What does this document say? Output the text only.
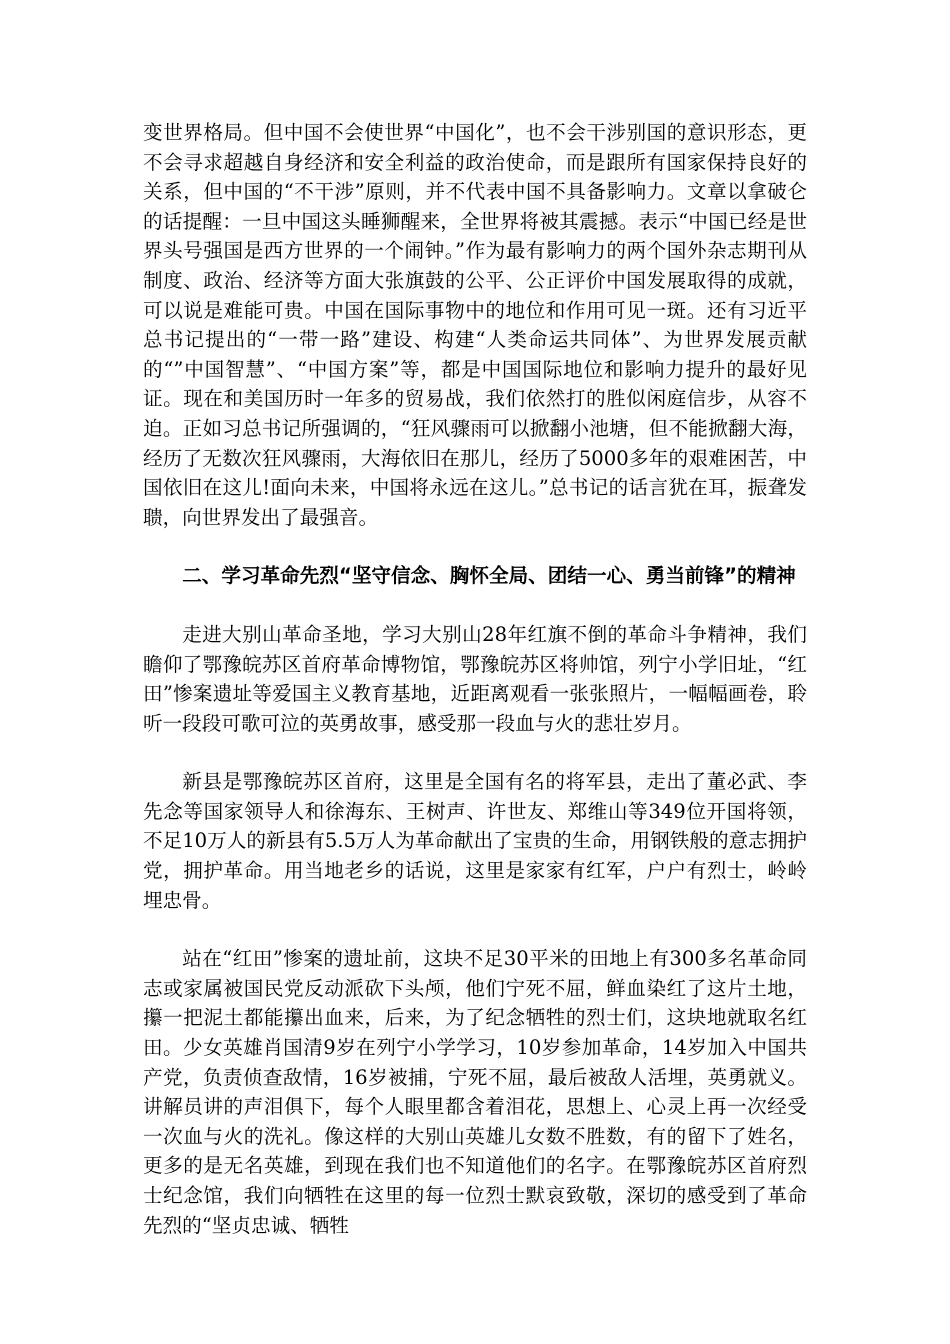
变世界格局。但中国不会使世界“中国化”，也不会干涉别国的意识形态，更不会寻求超越自身经济和安全利益的政治使命，而是跟所有国家保持良好的关系，但中国的“不干涉”原则，并不代表中国不具备影响力。文章以拿破仑的话提醒：一旦中国这头睡狮醒来，全世界将被其震撼。表示“中国已经是世界头号强国是西方世界的一个闹钟。”作为最有影响力的两个国外杂志期刊从制度、政治、经济等方面大张旗鼓的公平、公正评价中国发展取得的成就，可以说是难能可贵。中国在国际事物中的地位和作用可见一斑。还有习近平总书记提出的“一带一路”建设、构建“人类命运共同体”、为世界发展贡献的“”中国智慧”、“中国方案”等，都是中国国际地位和影响力提升的最好见证。现在和美国历时一年多的贸易战，我们依然打的胜似闲庭信步，从容不迫。正如习总书记所强调的，“狂风骤雨可以掀翻小池塘，但不能掀翻大海，经历了无数次狂风骤雨，大海依旧在那儿，经历了5000多年的艰难困苦，中国依旧在这儿!面向未来，中国将永远在这儿。”总书记的话言犹在耳，振聋发聩，向世界发出了最强音。

二、学习革命先烈“坚守信念、胸怀全局、团结一心、勇当前锋”的精神

走进大别山革命圣地，学习大别山28年红旗不倒的革命斗争精神，我们瞻仰了鄂豫皖苏区首府革命博物馆，鄂豫皖苏区将帅馆，列宁小学旧址，“红田”惨案遗址等爱国主义教育基地，近距离观看一张张照片，一幅幅画卷，聆听一段段可歌可泣的英勇故事，感受那一段血与火的悲壮岁月。

新县是鄂豫皖苏区首府，这里是全国有名的将军县，走出了董必武、李先念等国家领导人和徐海东、王树声、许世友、郑维山等349位开国将领，不足10万人的新县有5.5万人为革命献出了宝贵的生命，用钢铁般的意志拥护党，拥护革命。用当地老乡的话说，这里是家家有红军，户户有烈士，岭岭埋忠骨。

站在“红田”惨案的遗址前，这块不足30平米的田地上有300多名革命同志或家属被国民党反动派砍下头颅，他们宁死不屈，鲜血染红了这片土地，攥一把泥土都能攥出血来，后来，为了纪念牺牲的烈士们，这块地就取名红田。少女英雄肖国清9岁在列宁小学学习，10岁参加革命，14岁加入中国共产党，负责侦查敌情，16岁被捕，宁死不屈，最后被敌人活埋，英勇就义。讲解员讲的声泪俱下，每个人眼里都含着泪花，思想上、心灵上再一次经受一次血与火的洗礼。像这样的大别山英雄儿女数不胜数，有的留下了姓名，更多的是无名英雄，到现在我们也不知道他们的名字。在鄂豫皖苏区首府烈士纪念馆，我们向牺牲在这里的每一位烈士默哀致敬，深切的感受到了革命先烈的“坚贞忠诚、牺牲
